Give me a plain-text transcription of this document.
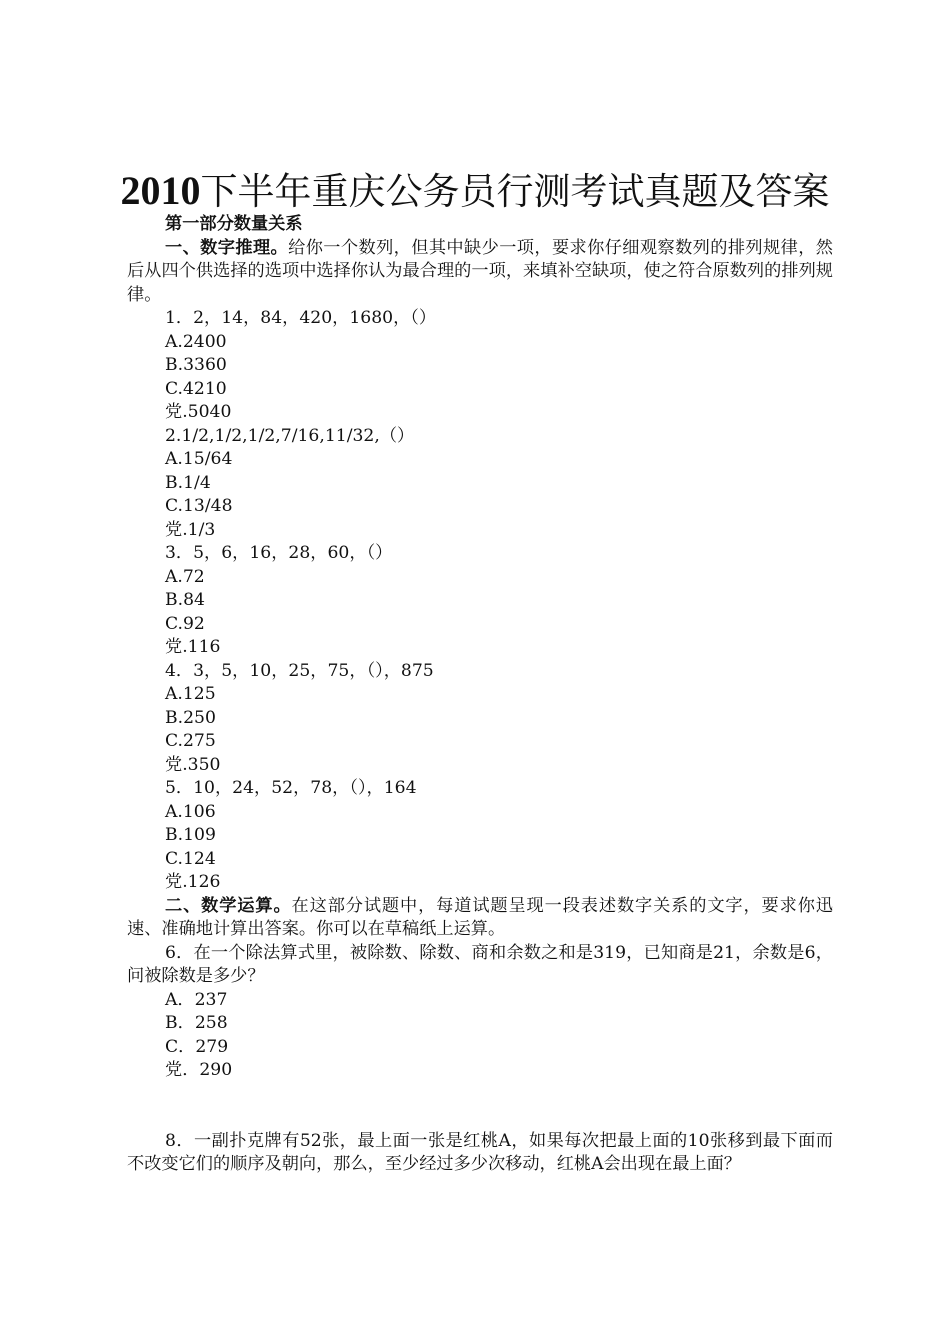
2010下半年重庆公务员行测考试真题及答案

第一部分数量关系

一、数字推理。给你一个数列，但其中缺少一项，要求你仔细观察数列的排列规律，然后从四个供选择的选项中选择你认为最合理的一项，来填补空缺项，使之符合原数列的排列规律。

1．2，14，84，420，1680，（）

A.2400

B.3360

C.4210

党.5040

2.1/2,1/2,1/2,7/16,11/32,（）

A.15/64

B.1/4

C.13/48

党.1/3

3．5，6，16，28，60，（）

A.72

B.84

C.92

党.116

4．3，5，10，25，75，（），875

A.125

B.250

C.275

党.350

5．10，24，52，78，（），164

A.106

B.109

C.124

党.126

二、数学运算。在这部分试题中，每道试题呈现一段表述数字关系的文字，要求你迅速、准确地计算出答案。你可以在草稿纸上运算。

6．在一个除法算式里，被除数、除数、商和余数之和是319，已知商是21，余数是6，问被除数是多少？

A．237

B．258

C．279

党．290

8．一副扑克牌有52张，最上面一张是红桃A，如果每次把最上面的10张移到最下面而不改变它们的顺序及朝向，那么，至少经过多少次移动，红桃A会出现在最上面？
